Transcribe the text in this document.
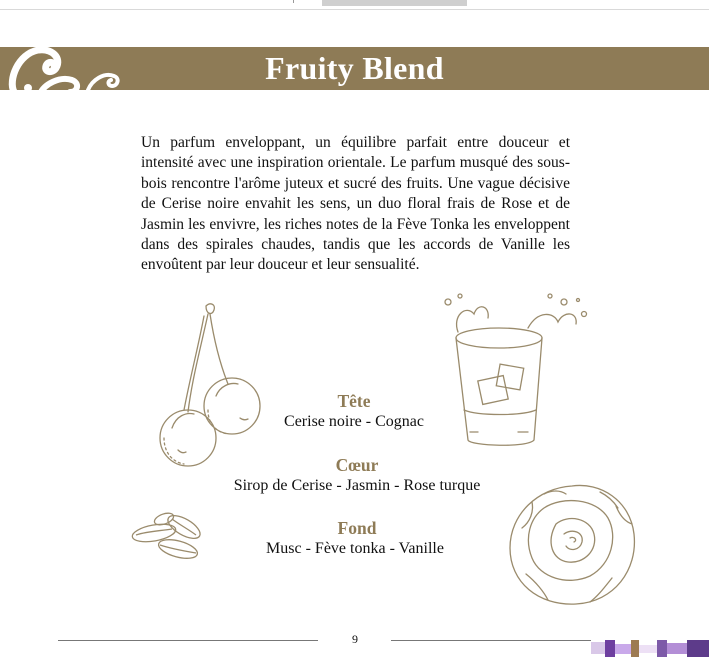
Fruity Blend

Un parfum enveloppant, un équilibre parfait entre douceur et intensité avec une inspiration orientale. Le parfum musqué des sous-bois rencontre l'arôme juteux et sucré des fruits. Une vague décisive de Cerise noire envahit les sens, un duo floral frais de Rose et de Jasmin les envivre, les riches notes de la Fève Tonka les enveloppent dans des spirales chaudes, tandis que les accords de Vanille les envoûtent par leur douceur et leur sensualité.

Tête
Cerise noire - Cognac
Cœur
Sirop de Cerise - Jasmin - Rose turque
Fond
Musc - Fève tonka - Vanille
9
